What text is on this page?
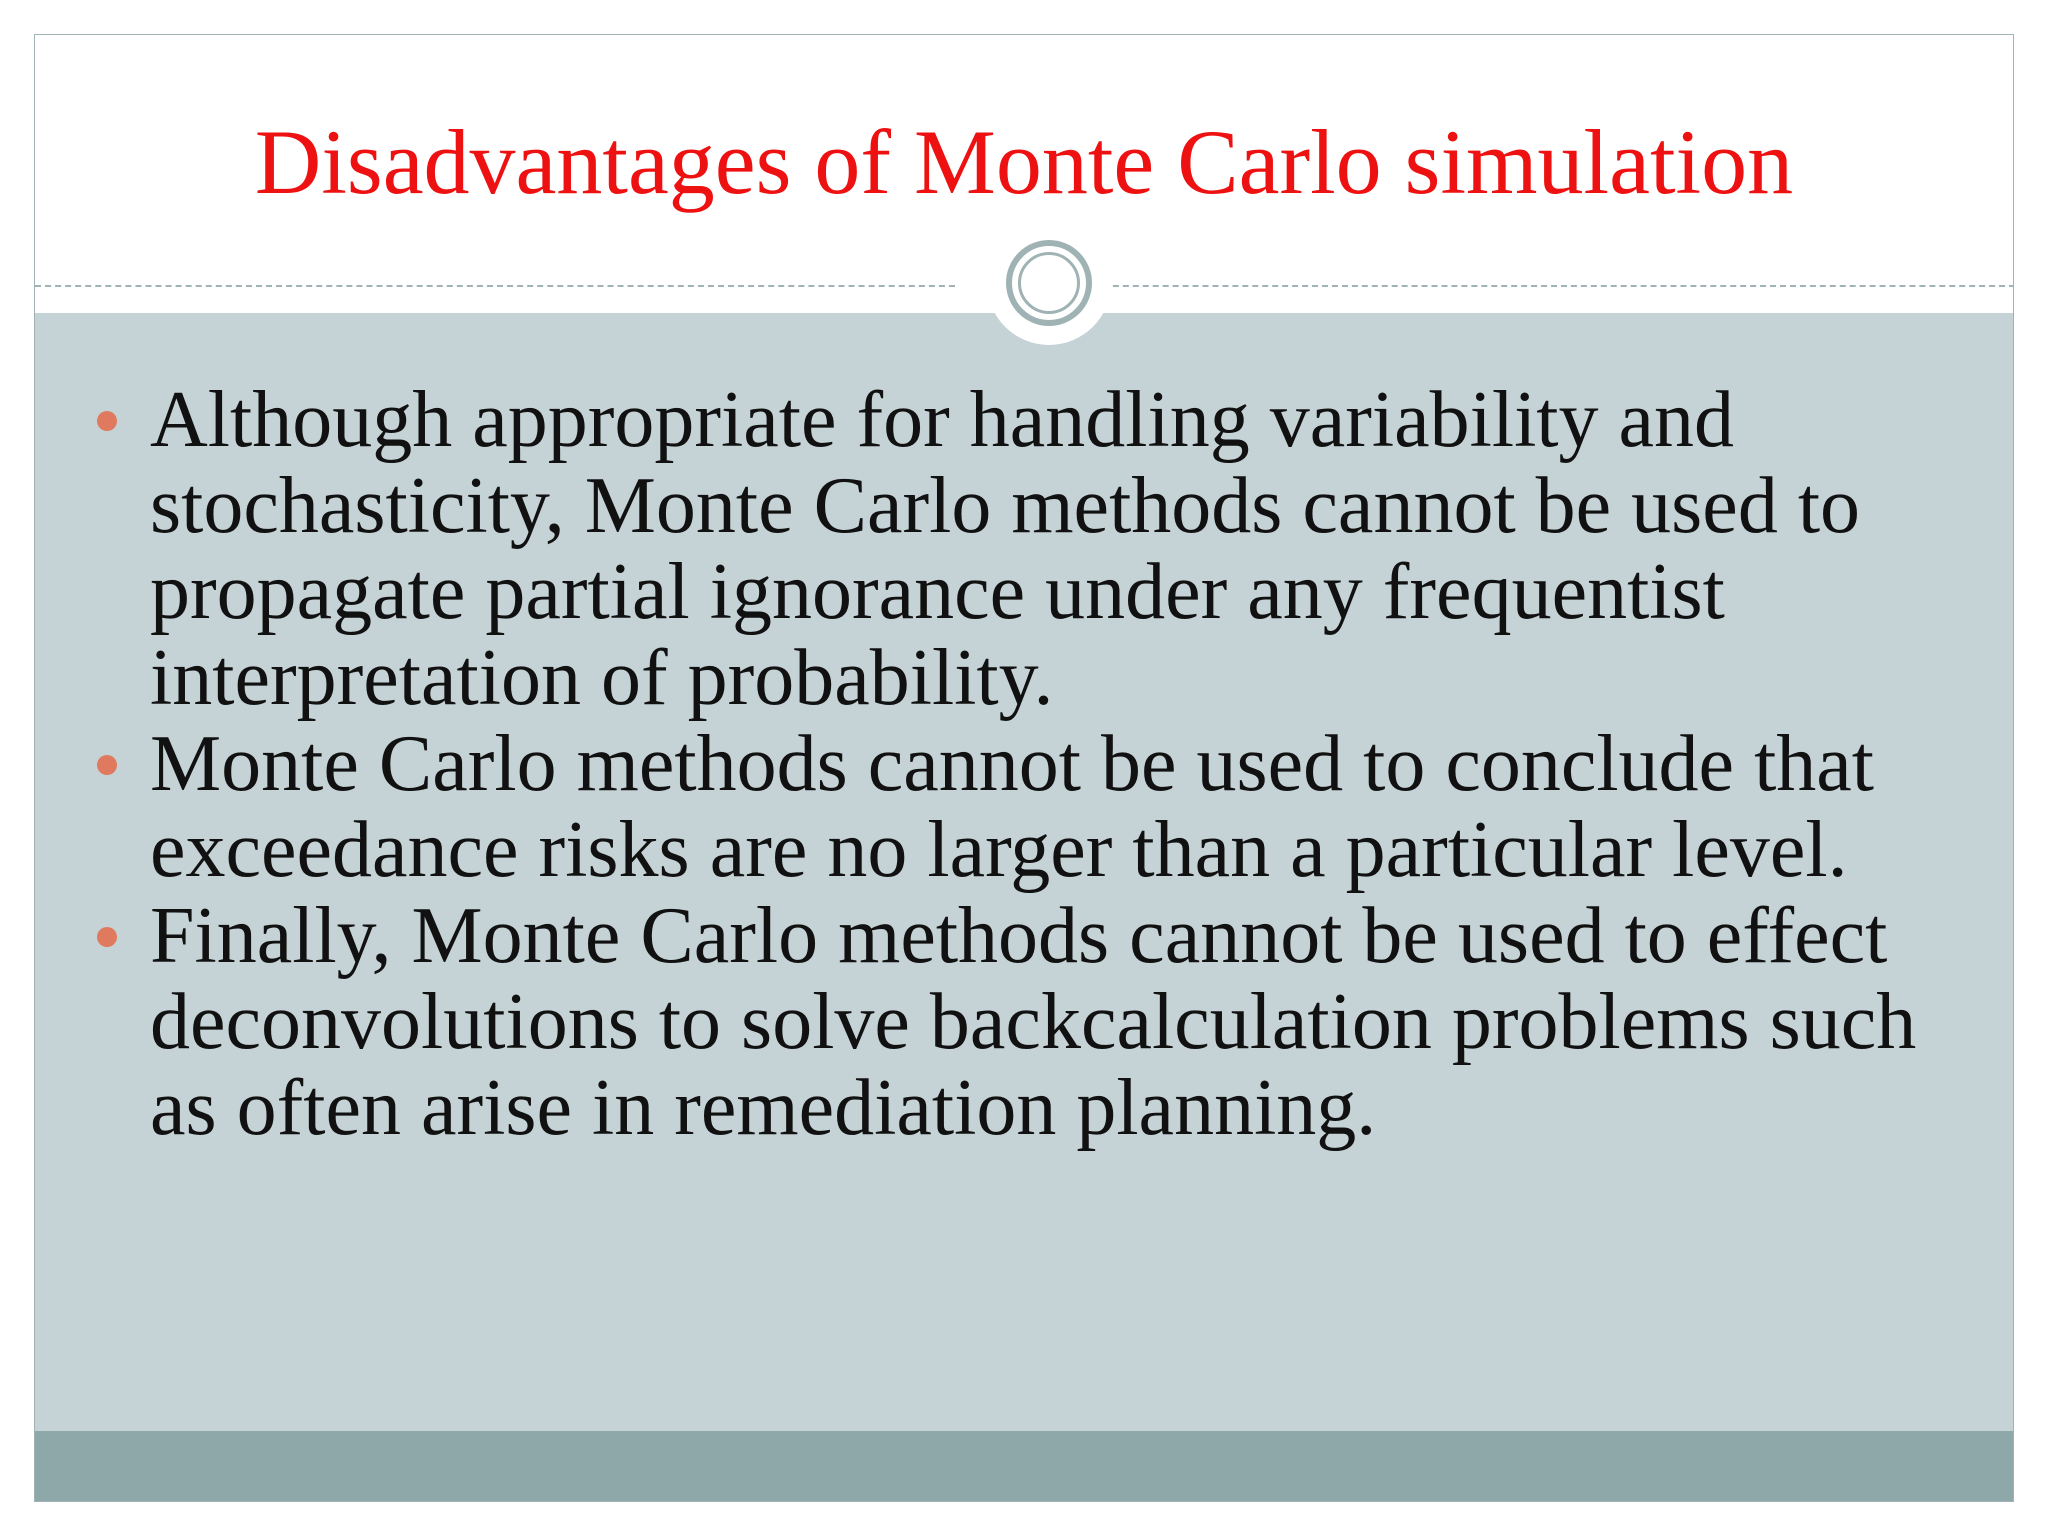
Disadvantages of Monte Carlo simulation
Although appropriate for handling variability and stochasticity, Monte Carlo methods cannot be used to propagate partial ignorance under any frequentist interpretation of probability.
Monte Carlo methods cannot be used to conclude that exceedance risks are no larger than a particular level.
Finally, Monte Carlo methods cannot be used to effect deconvolutions to solve backcalculation problems such as often arise in remediation planning.
